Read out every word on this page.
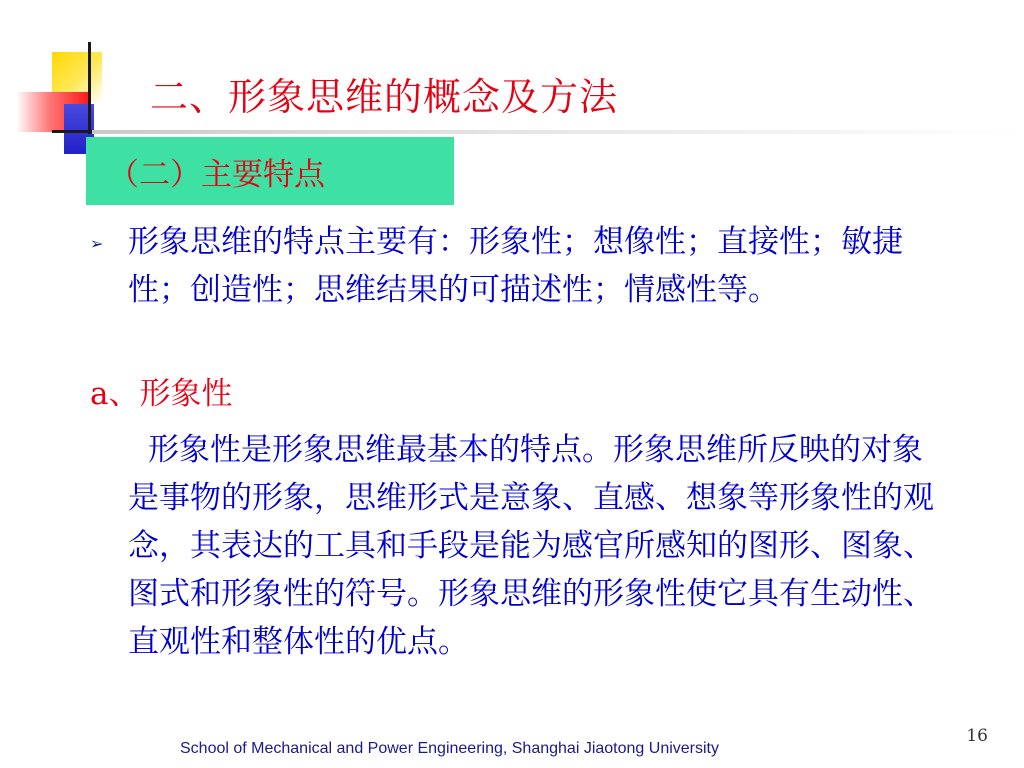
二、形象思维的概念及方法
（二）主要特点
➢ 形象思维的特点主要有：形象性；想像性；直接性；敏捷性；创造性；思维结果的可描述性；情感性等。
a、形象性
形象性是形象思维最基本的特点。形象思维所反映的对象是事物的形象，思维形式是意象、直感、想象等形象性的观念，其表达的工具和手段是能为感官所感知的图形、图象、图式和形象性的符号。形象思维的形象性使它具有生动性、直观性和整体性的优点。
16
School of Mechanical and Power Engineering, Shanghai Jiaotong University
